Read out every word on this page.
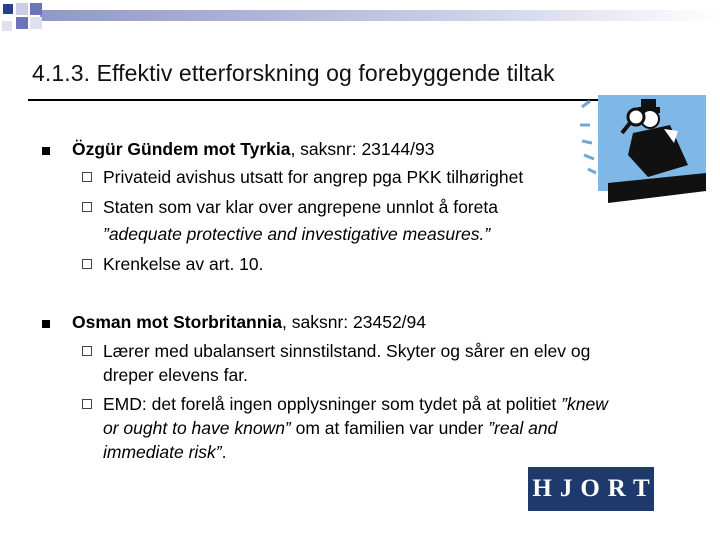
4.1.3. Effektiv etterforskning og forebyggende tiltak
Özgür Gündem mot Tyrkia, saksnr: 23144/93
Privateid avishus utsatt for angrep pga PKK tilhørighet
Staten som var klar over angrepene unnlot å foreta
”adequate protective and investigative measures.”
Krenkelse av art. 10.
Osman mot Storbritannia, saksnr: 23452/94
Lærer med ubalansert sinnstilstand. Skyter og sårer en elev og
dreper elevens far.
EMD: det forelå ingen opplysninger som tydet på at politiet ”knew
or ought to have known” om at familien var under ”real and
immediate risk”.
HJORT
